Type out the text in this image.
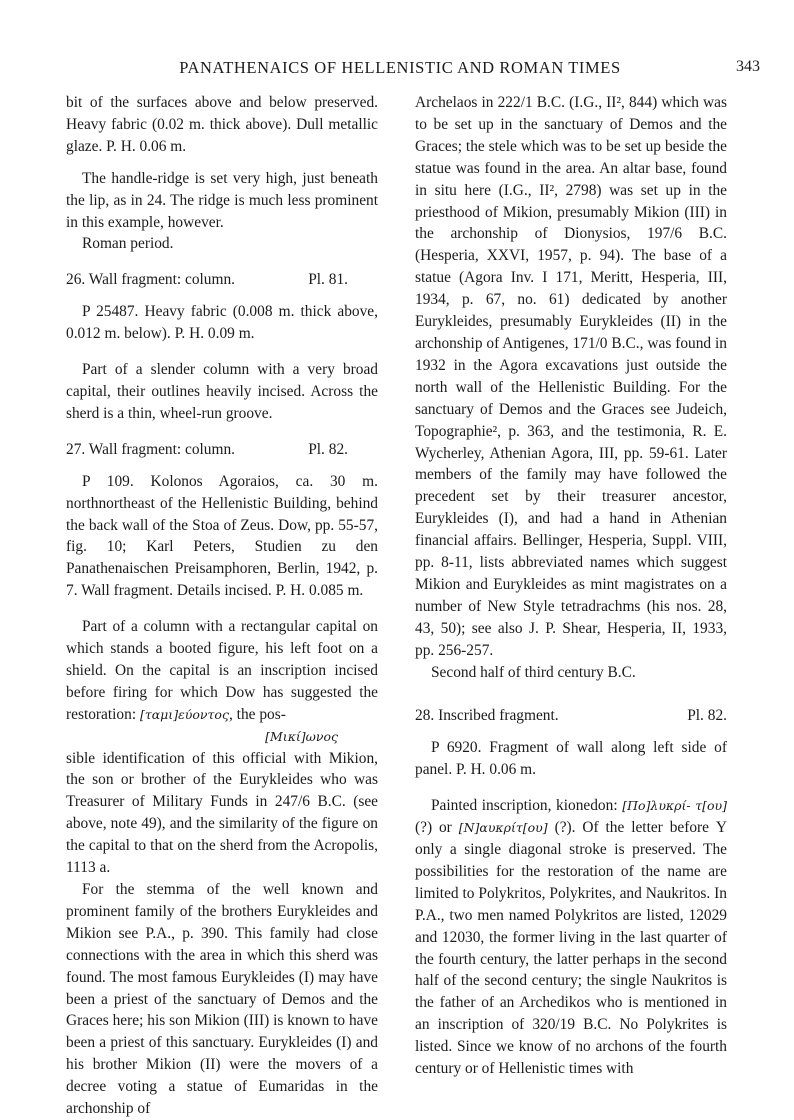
PANATHENAICS OF HELLENISTIC AND ROMAN TIMES	343

bit of the surfaces above and below preserved. Heavy fabric (0.02 m. thick above). Dull metallic glaze. P. H. 0.06 m.

The handle-ridge is set very high, just beneath the lip, as in 24. The ridge is much less prominent in this example, however.

Roman period.

26. Wall fragment: column.	Pl. 81.

P 25487. Heavy fabric (0.008 m. thick above, 0.012 m. below). P. H. 0.09 m.

Part of a slender column with a very broad capital, their outlines heavily incised. Across the sherd is a thin, wheel-run groove.

27. Wall fragment: column.	Pl. 82.

P 109. Kolonos Agoraios, ca. 30 m. northnortheast of the Hellenistic Building, behind the back wall of the Stoa of Zeus. Dow, pp. 55-57, fig. 10; Karl Peters, Studien zu den Panathenaischen Preisamphoren, Berlin, 1942, p. 7. Wall fragment. Details incised. P. H. 0.085 m.

Part of a column with a rectangular capital on which stands a booted figure, his left foot on a shield. On the capital is an inscription incised before firing for which Dow has suggested the restoration: [ταμι]εύοντος, the pos-

[Μικί]ωνος

sible identification of this official with Mikion, the son or brother of the Eurykleides who was Treasurer of Military Funds in 247/6 B.C. (see above, note 49), and the similarity of the figure on the capital to that on the sherd from the Acropolis, 1113 a.

For the stemma of the well known and prominent family of the brothers Eurykleides and Mikion see P.A., p. 390. This family had close connections with the area in which this sherd was found. The most famous Eurykleides (I) may have been a priest of the sanctuary of Demos and the Graces here; his son Mikion (III) is known to have been a priest of this sanctuary. Eurykleides (I) and his brother Mikion (II) were the movers of a decree voting a statue of Eumaridas in the archonship of

Archelaos in 222/1 B.C. (I.G., II², 844) which was to be set up in the sanctuary of Demos and the Graces; the stele which was to be set up beside the statue was found in the area. An altar base, found in situ here (I.G., II², 2798) was set up in the priesthood of Mikion, presumably Mikion (III) in the archonship of Dionysios, 197/6 B.C. (Hesperia, XXVI, 1957, p. 94). The base of a statue (Agora Inv. I 171, Meritt, Hesperia, III, 1934, p. 67, no. 61) dedicated by another Eurykleides, presumably Eurykleides (II) in the archonship of Antigenes, 171/0 B.C., was found in 1932 in the Agora excavations just outside the north wall of the Hellenistic Building. For the sanctuary of Demos and the Graces see Judeich, Topographie², p. 363, and the testimonia, R. E. Wycherley, Athenian Agora, III, pp. 59-61. Later members of the family may have followed the precedent set by their treasurer ancestor, Eurykleides (I), and had a hand in Athenian financial affairs. Bellinger, Hesperia, Suppl. VIII, pp. 8-11, lists abbreviated names which suggest Mikion and Eurykleides as mint magistrates on a number of New Style tetradrachms (his nos. 28, 43, 50); see also J. P. Shear, Hesperia, II, 1933, pp. 256-257.

Second half of third century B.C.

28. Inscribed fragment.	Pl. 82.

P 6920. Fragment of wall along left side of panel. P. H. 0.06 m.

Painted inscription, kionedon: [Πο]λυκρί- τ[ου] (?) or [Ν]αυκρίτ[ου] (?). Of the letter before Υ only a single diagonal stroke is preserved. The possibilities for the restoration of the name are limited to Polykritos, Polykrites, and Naukritos. In P.A., two men named Polykritos are listed, 12029 and 12030, the former living in the last quarter of the fourth century, the latter perhaps in the second half of the second century; the single Naukritos is the father of an Archedikos who is mentioned in an inscription of 320/19 B.C. No Polykrites is listed. Since we know of no archons of the fourth century or of Hellenistic times with
